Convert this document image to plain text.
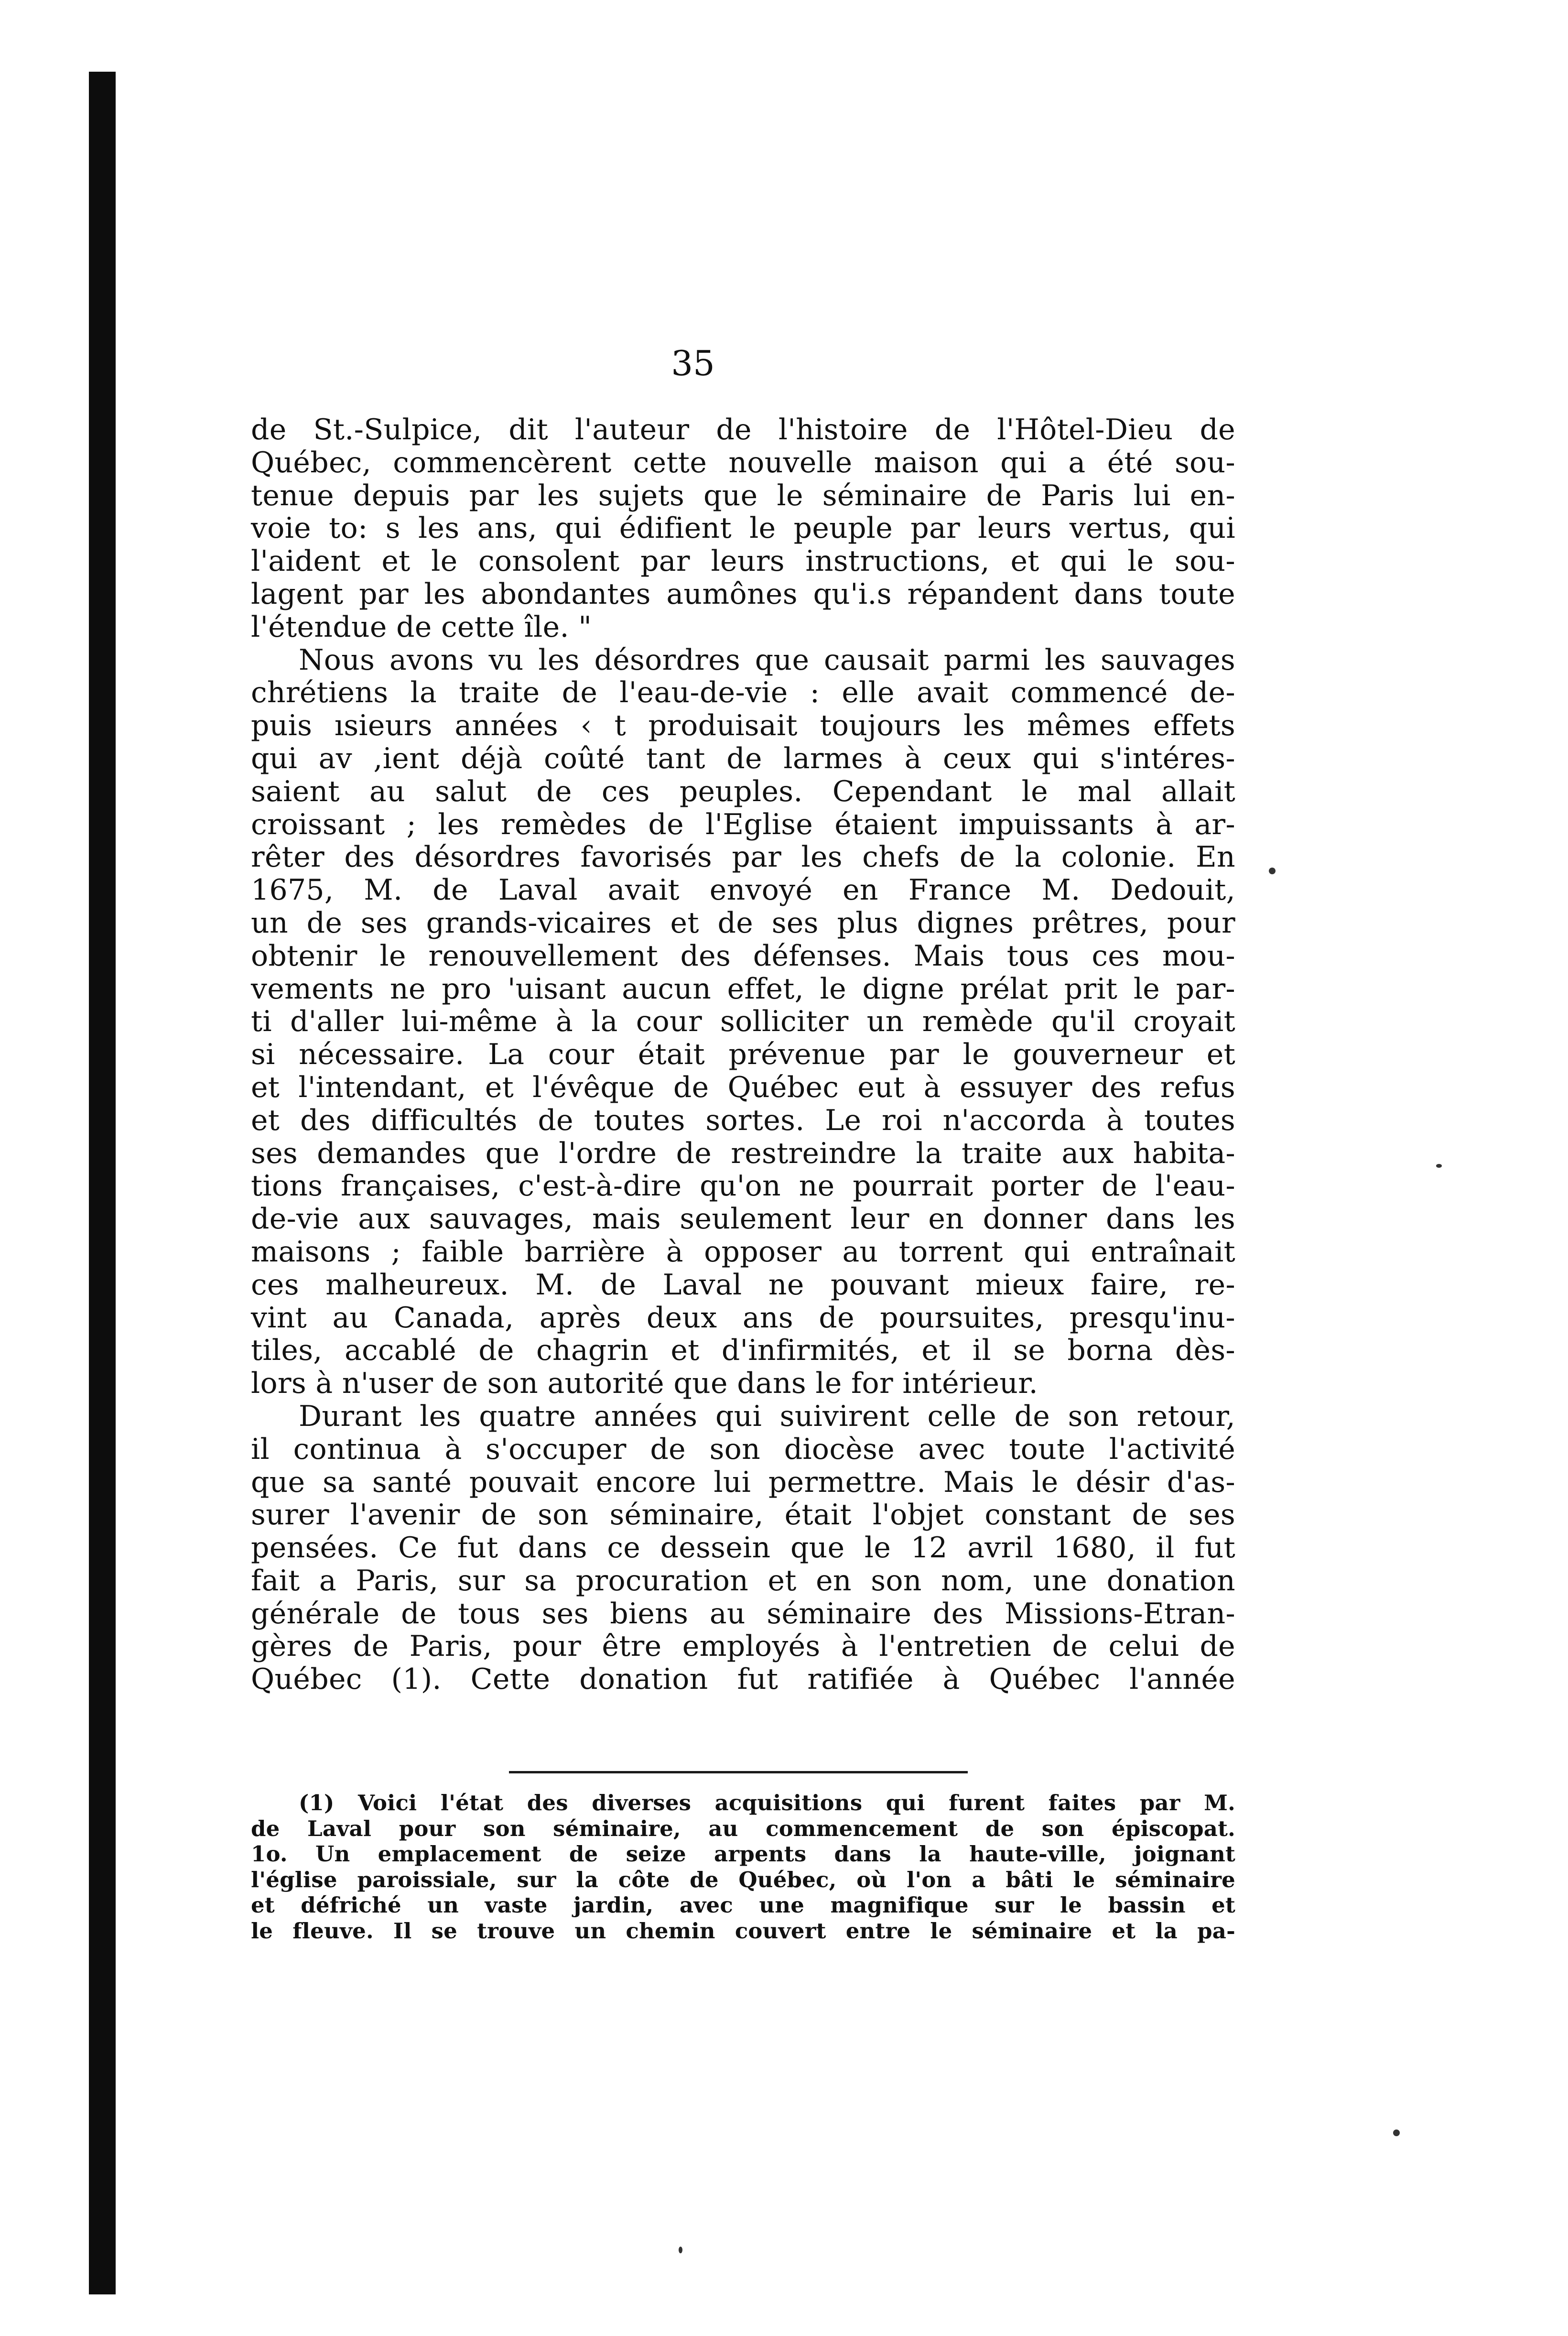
35
de St.-Sulpice, dit l'auteur de l'histoire de l'Hôtel-Dieu de
Québec, commencèrent cette nouvelle maison qui a été sou-
tenue depuis par les sujets que le séminaire de Paris lui en-
voie to: s les ans, qui édifient le peuple par leurs vertus, qui
l'aident et le consolent par leurs instructions, et qui le sou-
lagent par les abondantes aumônes qu'i.s répandent dans toute
l'étendue de cette île. "
Nous avons vu les désordres que causait parmi les sauvages
chrétiens la traite de l'eau-de-vie : elle avait commencé de-
puis ısieurs années ‹ t produisait toujours les mêmes effets
qui av ,ient déjà coûté tant de larmes à ceux qui s'intéres-
saient au salut de ces peuples. Cependant le mal allait
croissant ; les remèdes de l'Eglise étaient impuissants à ar-
rêter des désordres favorisés par les chefs de la colonie. En
1675, M. de Laval avait envoyé en France M. Dedouit,
un de ses grands-vicaires et de ses plus dignes prêtres, pour
obtenir le renouvellement des défenses. Mais tous ces mou-
vements ne pro 'uisant aucun effet, le digne prélat prit le par-
ti d'aller lui-même à la cour solliciter un remède qu'il croyait
si nécessaire. La cour était prévenue par le gouverneur et
et l'intendant, et l'évêque de Québec eut à essuyer des refus
et des difficultés de toutes sortes. Le roi n'accorda à toutes
ses demandes que l'ordre de restreindre la traite aux habita-
tions françaises, c'est-à-dire qu'on ne pourrait porter de l'eau-
de-vie aux sauvages, mais seulement leur en donner dans les
maisons ; faible barrière à opposer au torrent qui entraînait
ces malheureux. M. de Laval ne pouvant mieux faire, re-
vint au Canada, après deux ans de poursuites, presqu'inu-
tiles, accablé de chagrin et d'infirmités, et il se borna dès-
lors à n'user de son autorité que dans le for intérieur.
Durant les quatre années qui suivirent celle de son retour,
il continua à s'occuper de son diocèse avec toute l'activité
que sa santé pouvait encore lui permettre. Mais le désir d'as-
surer l'avenir de son séminaire, était l'objet constant de ses
pensées. Ce fut dans ce dessein que le 12 avril 1680, il fut
fait a Paris, sur sa procuration et en son nom, une donation
générale de tous ses biens au séminaire des Missions-Etran-
gères de Paris, pour être employés à l'entretien de celui de
Québec (1). Cette donation fut ratifiée à Québec l'année
(1) Voici l'état des diverses acquisitions qui furent faites par M.
de Laval pour son séminaire, au commencement de son épiscopat.
1o. Un emplacement de seize arpents dans la haute-ville, joignant
l'église paroissiale, sur la côte de Québec, où l'on a bâti le séminaire
et défriché un vaste jardin, avec une magnifique sur le bassin et
le fleuve. Il se trouve un chemin couvert entre le séminaire et la pa-
